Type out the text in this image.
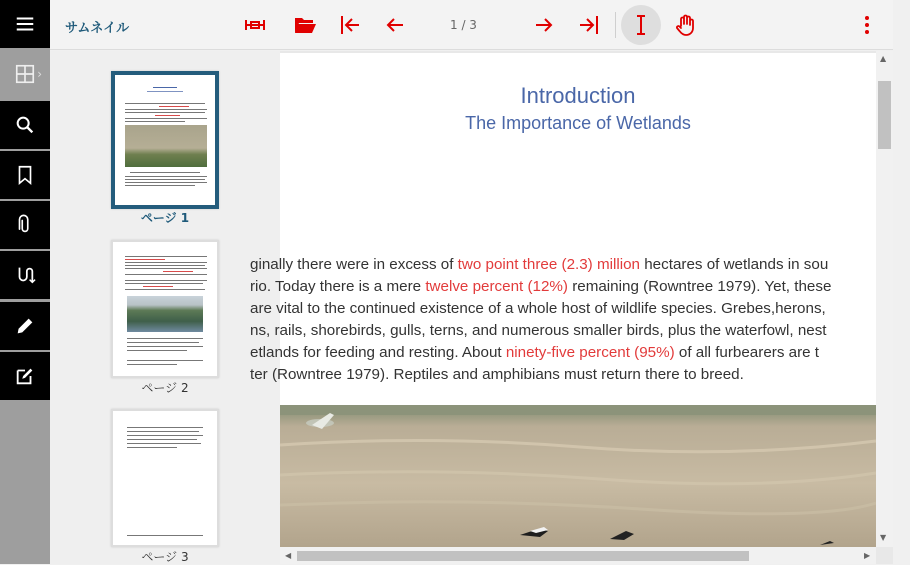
›
サムネイル	1 / 3
ページ 1
ページ 2
ページ 3
Introduction
The Importance of Wetlands
ginally there were in excess of two point three (2.3) million hectares of wetlands in sou
rio. Today there is a mere twelve percent (12%) remaining (Rowntree 1979). Yet, these
are vital to the continued existence of a whole host of wildlife species. Grebes,herons,
ns, rails, shorebirds, gulls, terns, and numerous smaller birds, plus the waterfowl, nest
etlands for feeding and resting. About ninety-five percent (95%) of all furbearers are t
ter (Rowntree 1979). Reptiles and amphibians must return there to breed.
▲
▼
◀	▶
